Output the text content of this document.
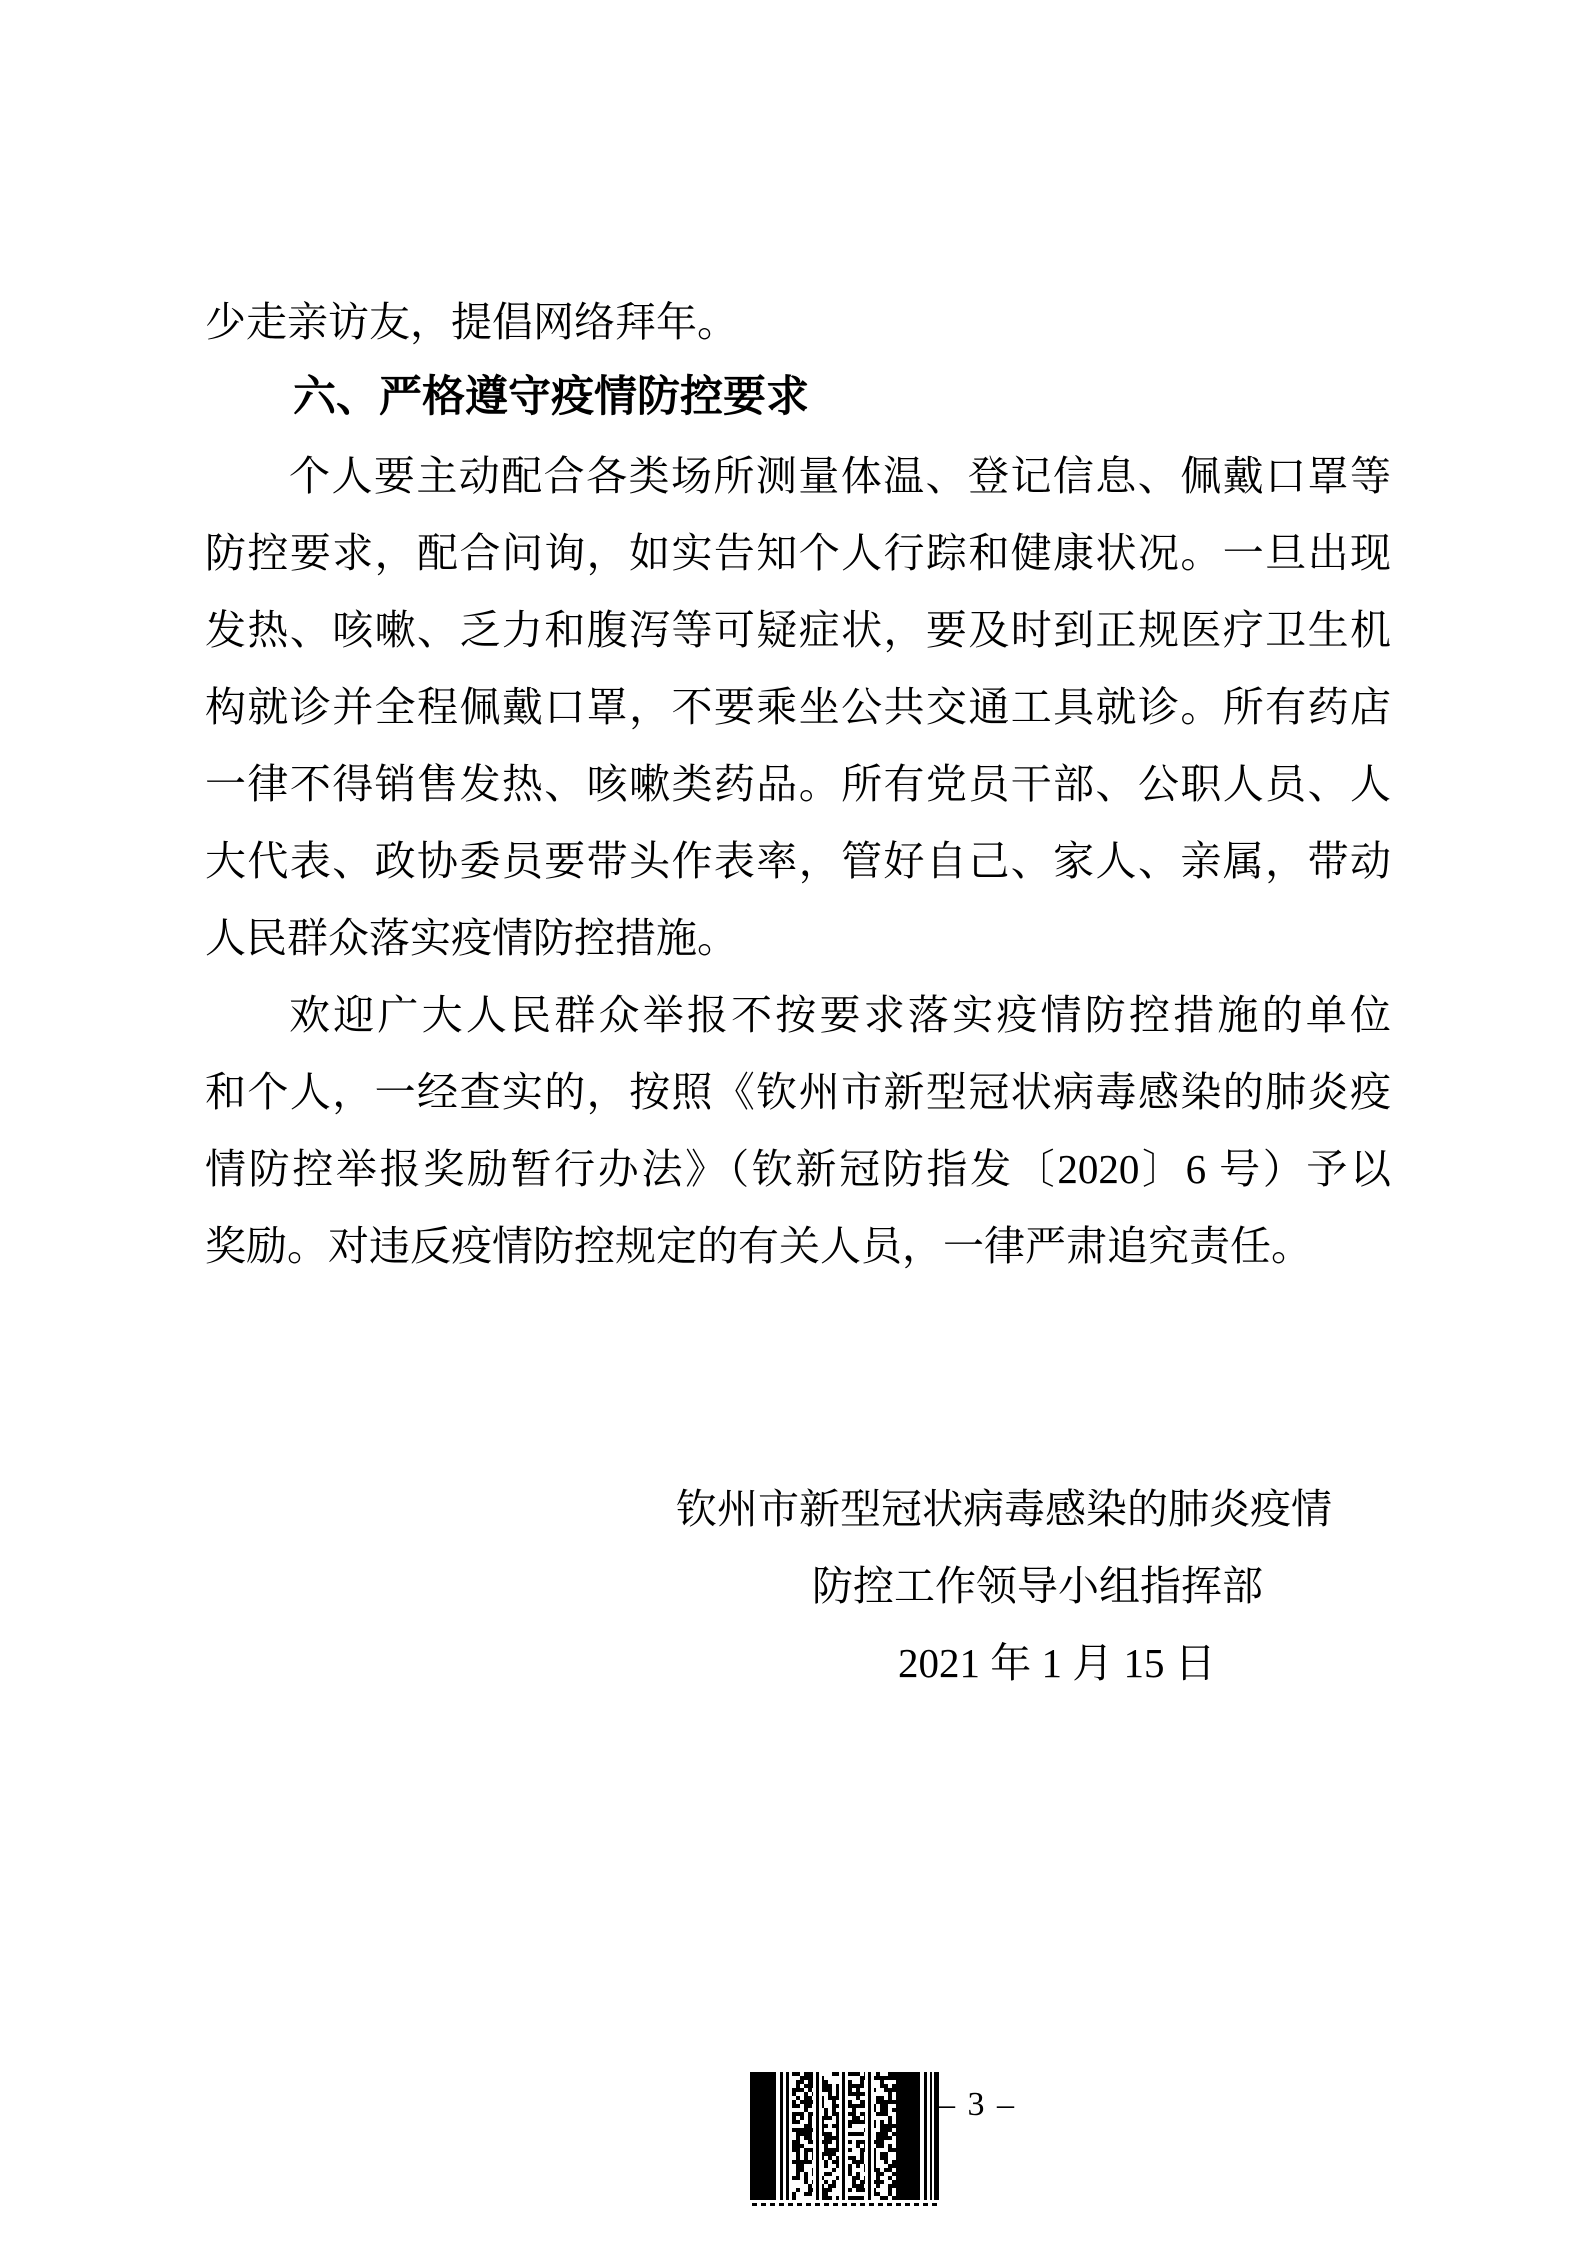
少走亲访友，提倡网络拜年。
六、严格遵守疫情防控要求
个人要主动配合各类场所测量体温、登记信息、佩戴口罩等
防控要求，配合问询，如实告知个人行踪和健康状况。一旦出现
发热、咳嗽、乏力和腹泻等可疑症状，要及时到正规医疗卫生机
构就诊并全程佩戴口罩，不要乘坐公共交通工具就诊。所有药店
一律不得销售发热、咳嗽类药品。所有党员干部、公职人员、人
大代表、政协委员要带头作表率，管好自己、家人、亲属，带动
人民群众落实疫情防控措施。
欢迎广大人民群众举报不按要求落实疫情防控措施的单位
和个人，一经查实的，按照《钦州市新型冠状病毒感染的肺炎疫
情防控举报奖励暂行办法》（钦新冠防指发〔2020〕6 号）予以
奖励。对违反疫情防控规定的有关人员，一律严肃追究责任。
钦州市新型冠状病毒感染的肺炎疫情
防控工作领导小组指挥部
2021 年 1 月 15 日
– 3 –
